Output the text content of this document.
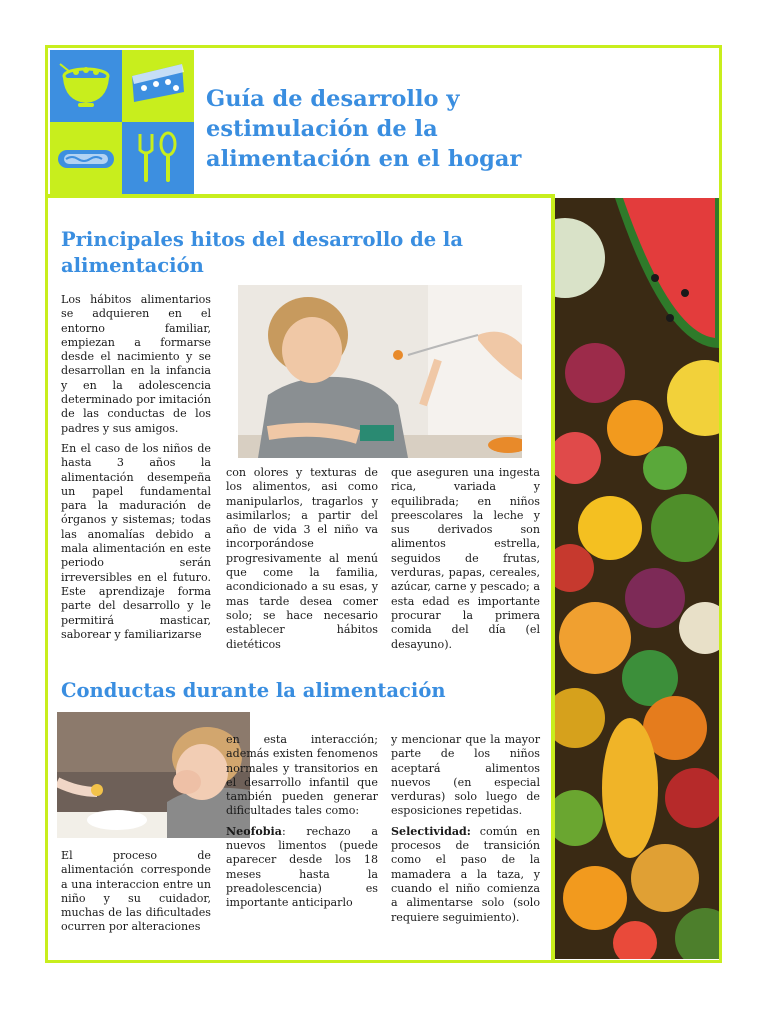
Guía de desarrollo y estimulación de la alimentación en el hogar
Principales hitos del desarrollo de la alimentación

Los hábitos alimentarios se adquieren en el entorno familiar, empiezan a formarse desde el nacimiento y se desarrollan en la infancia y en la adolescencia determinado por imitación de las conductas de los padres y sus amigos.

En el caso de los niños de hasta 3 años la alimentación desempeña un papel fundamental para la maduración de órganos y sistemas; todas las anomalías debido a mala alimentación en este periodo serán irreversibles en el futuro. Este aprendizaje forma parte del desarrollo y le permitirá masticar, saborear y familiarizarse

con olores y texturas de los alimentos, asi como manipularlos, tragarlos y asimilarlos; a partir del año de vida 3 el niño va incorporándose progresivamente al menú que come la familia, acondicionado a su esas, y mas tarde desea comer solo; se hace necesario establecer hábitos dietéticos

que aseguren una ingesta rica, variada y equilibrada; en niños preescolares la leche y sus derivados son alimentos estrella, seguidos de frutas, verduras, papas, cereales, azúcar, carne y pescado; a esta edad es importante procurar la primera comida del día (el desayuno).

Conductas durante la alimentación

El proceso de alimentación corresponde a una interaccion entre un niño y su cuidador, muchas de las dificultades ocurren por alteraciones

en esta interacción; además existen fenomenos normales y transitorios en el desarrollo infantil que también pueden generar dificultades tales como:

Neofobia: rechazo a nuevos limentos (puede aparecer desde los 18 meses hasta la preadolescencia) es importante anticiparlo

y mencionar que la mayor parte de los niños aceptará alimentos nuevos (en especial verduras) solo luego de esposiciones repetidas.

Selectividad: común en procesos de transición como el paso de la mamadera a la taza, y cuando el niño comienza a alimentarse solo (solo requiere seguimiento).
